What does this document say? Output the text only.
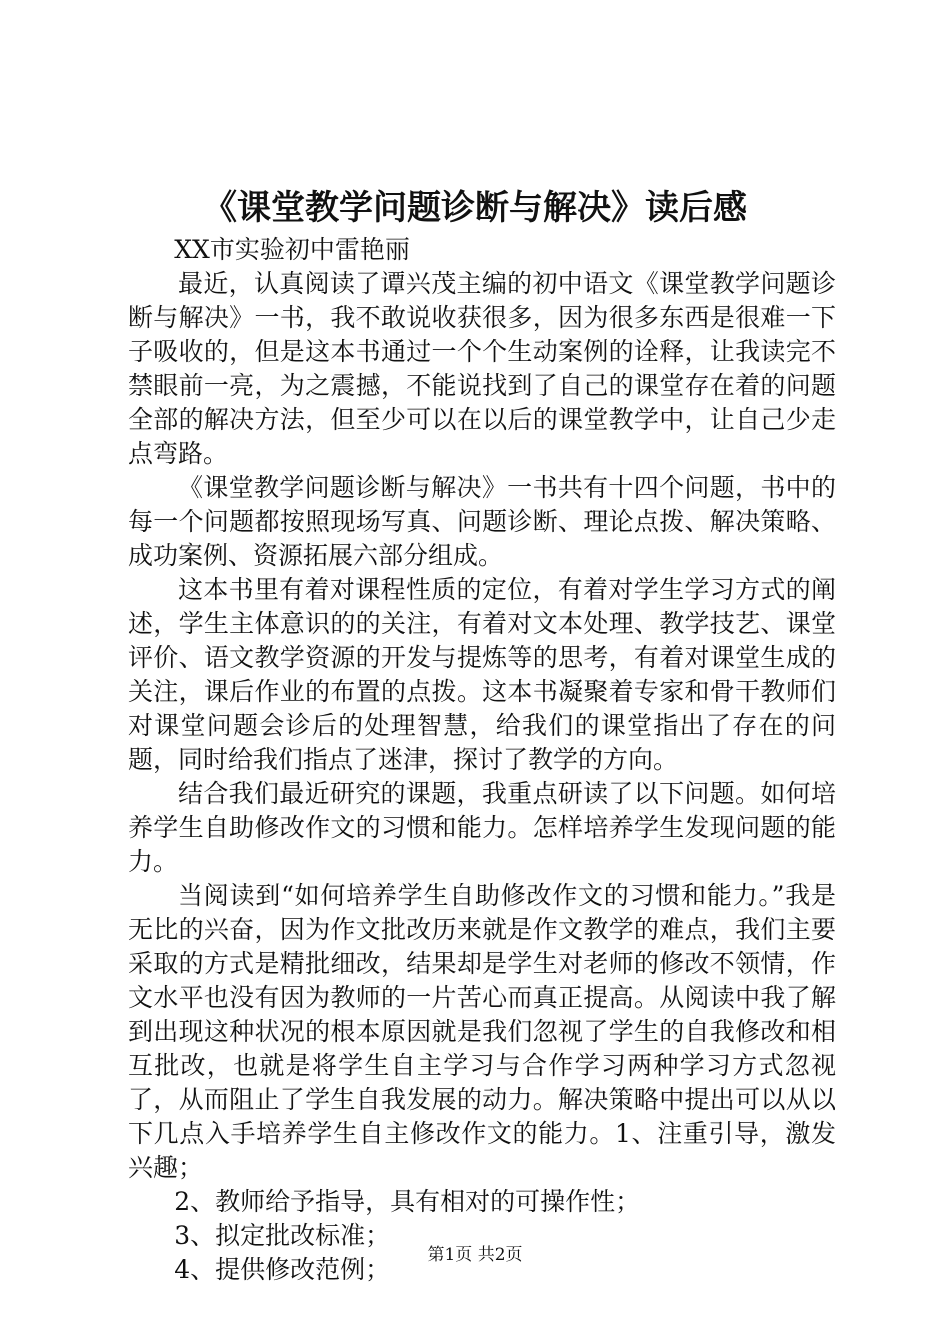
《课堂教学问题诊断与解决》读后感

XX市实验初中雷艳丽

最近，认真阅读了谭兴茂主编的初中语文《课堂教学问题诊断与解决》一书，我不敢说收获很多，因为很多东西是很难一下子吸收的，但是这本书通过一个个生动案例的诠释，让我读完不禁眼前一亮，为之震撼，不能说找到了自己的课堂存在着的问题全部的解决方法，但至少可以在以后的课堂教学中，让自己少走点弯路。

《课堂教学问题诊断与解决》一书共有十四个问题，书中的每一个问题都按照现场写真、问题诊断、理论点拨、解决策略、成功案例、资源拓展六部分组成。

这本书里有着对课程性质的定位，有着对学生学习方式的阐述，学生主体意识的的关注，有着对文本处理、教学技艺、课堂评价、语文教学资源的开发与提炼等的思考，有着对课堂生成的关注，课后作业的布置的点拨。这本书凝聚着专家和骨干教师们对课堂问题会诊后的处理智慧，给我们的课堂指出了存在的问题，同时给我们指点了迷津，探讨了教学的方向。

结合我们最近研究的课题，我重点研读了以下问题。如何培养学生自助修改作文的习惯和能力。怎样培养学生发现问题的能力。

当阅读到“如何培养学生自助修改作文的习惯和能力。”我是无比的兴奋，因为作文批改历来就是作文教学的难点，我们主要采取的方式是精批细改，结果却是学生对老师的修改不领情，作文水平也没有因为教师的一片苦心而真正提高。从阅读中我了解到出现这种状况的根本原因就是我们忽视了学生的自我修改和相互批改，也就是将学生自主学习与合作学习两种学习方式忽视了，从而阻止了学生自我发展的动力。解决策略中提出可以从以下几点入手培养学生自主修改作文的能力。1、注重引导，激发兴趣；

2、教师给予指导，具有相对的可操作性；

3、拟定批改标准；

4、提供修改范例；	第1页 共2页
